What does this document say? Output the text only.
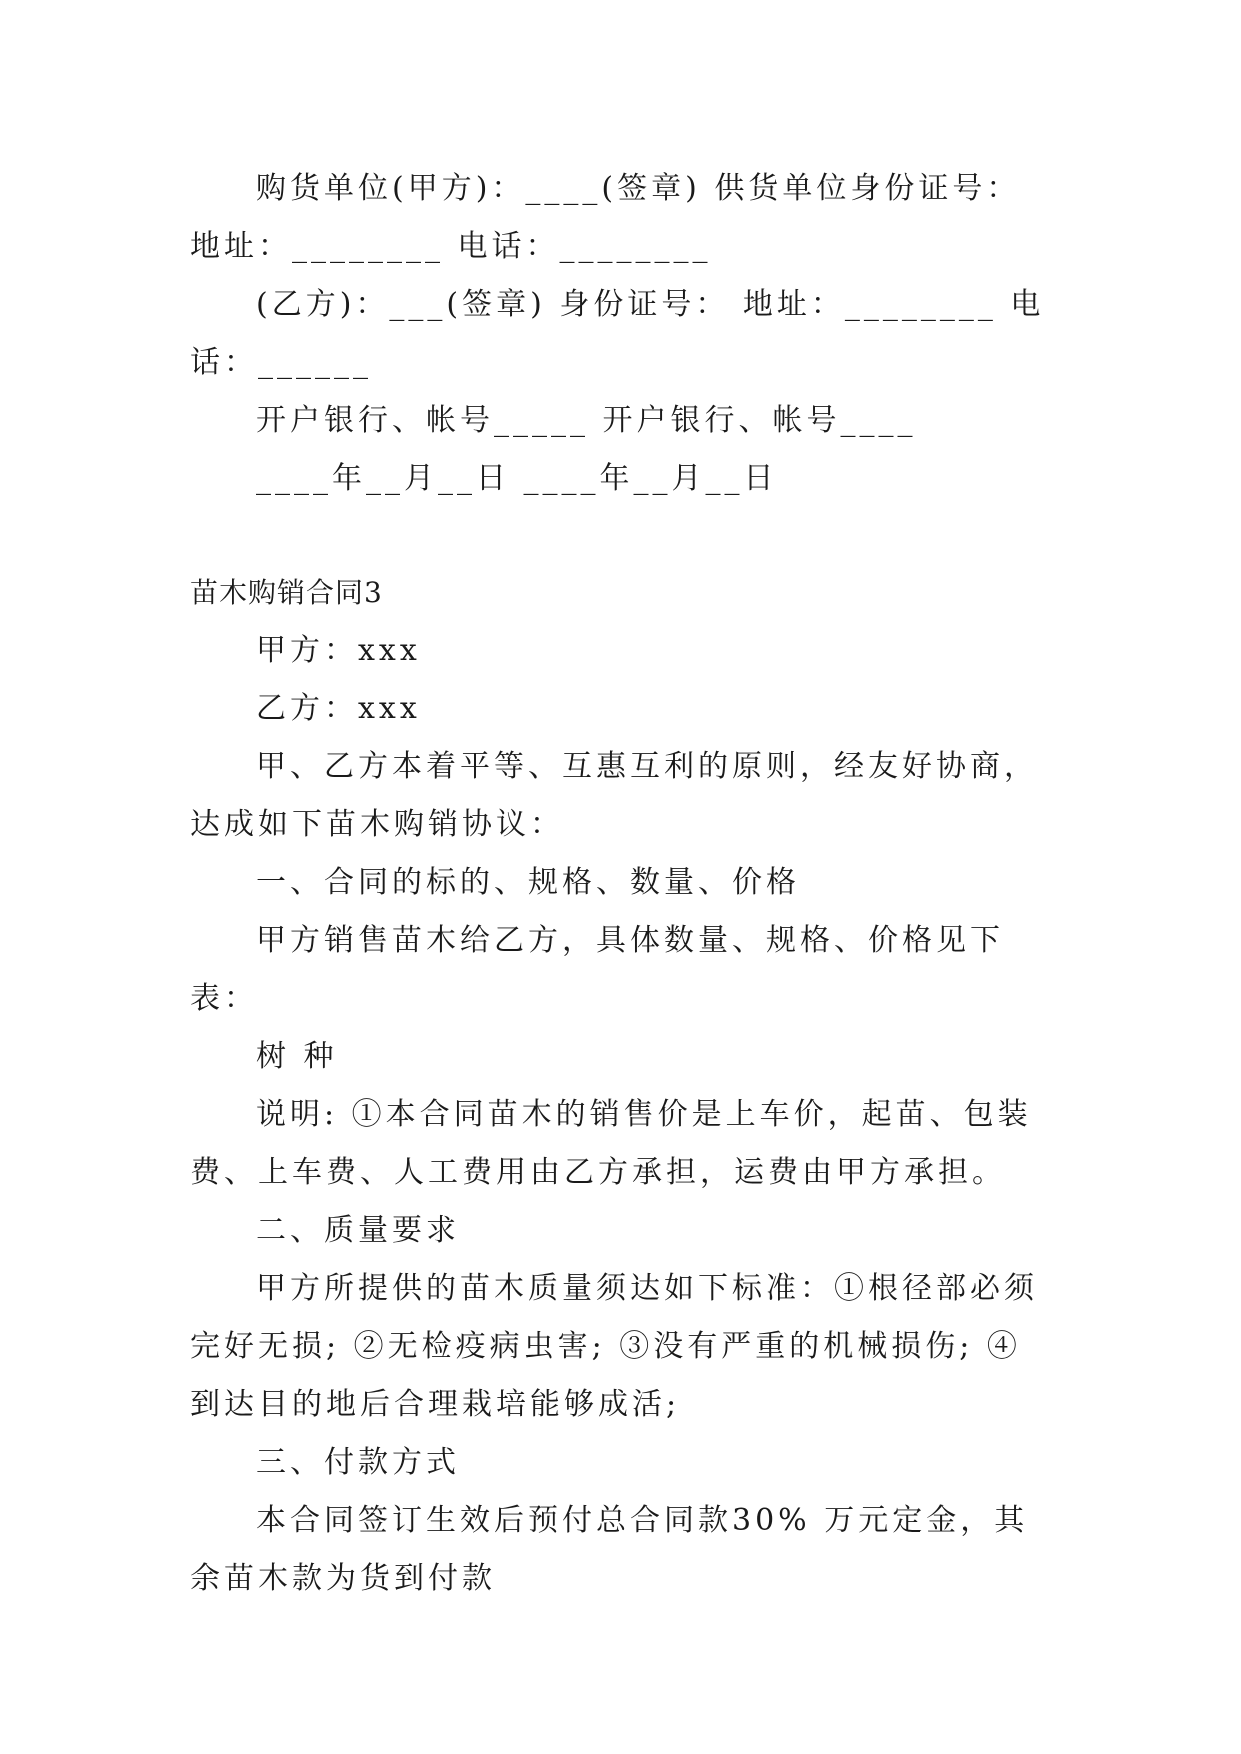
购货单位(甲方)：____(签章) 供货单位身份证号：地址：________ 电话：________

(乙方)：___(签章) 身份证号： 地址：________ 电话：______

开户银行、帐号_____ 开户银行、帐号____

____年__月__日 ____年__月__日

苗木购销合同3

甲方：xxx

乙方：xxx

甲、乙方本着平等、互惠互利的原则，经友好协商，达成如下苗木购销协议：

一、合同的标的、规格、数量、价格

甲方销售苗木给乙方，具体数量、规格、价格见下表：

树 种

说明: ①本合同苗木的销售价是上车价，起苗、包装费、上车费、人工费用由乙方承担，运费由甲方承担。

二、质量要求

甲方所提供的苗木质量须达如下标准：①根径部必须完好无损; ②无检疫病虫害; ③没有严重的机械损伤; ④到达目的地后合理栽培能够成活;

三、付款方式

本合同签订生效后预付总合同款30% 万元定金，其余苗木款为货到付款
